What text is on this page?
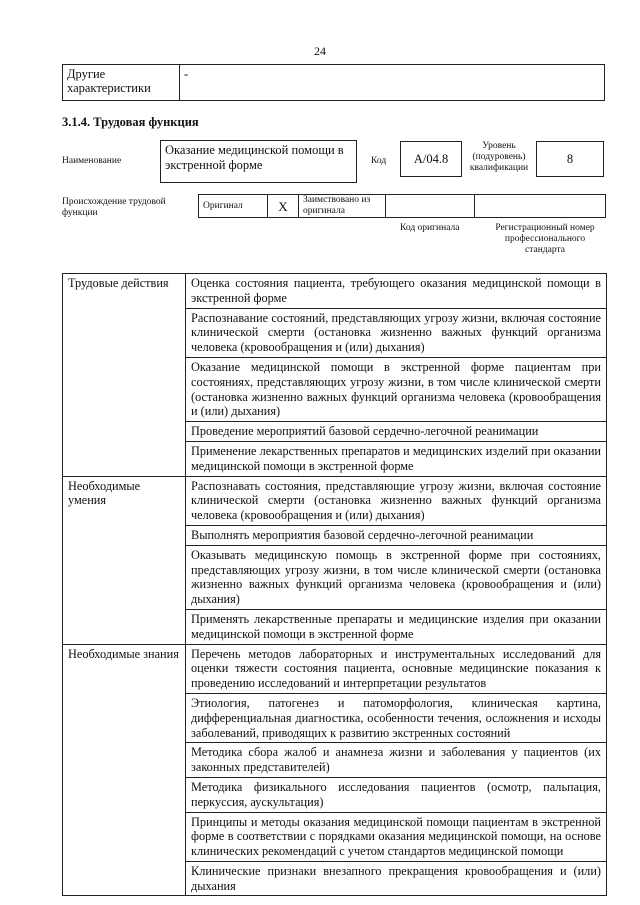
24
Другие характеристики	-
3.1.4. Трудовая функция
Наименование
Оказание медицинской помощи в экстренной форме	Код	А/04.8
Уровень (подуровень) квалификации
8
Происхождение трудовой функции
Оригинал	X	Заимствовано из оригинала		
Код оригинала	Регистрационный номер профессионального стандарта
Трудовые действия	Оценка состояния пациента, требующего оказания медицинской помощи в экстренной форме
	Распознавание состояний, представляющих угрозу жизни, включая состояние клинической смерти (остановка жизненно важных функций организма человека (кровообращения и (или) дыхания)
	Оказание медицинской помощи в экстренной форме пациентам при состояниях, представляющих угрозу жизни, в том числе клинической смерти (остановка жизненно важных функций организма человека (кровообращения и (или) дыхания)
	Проведение мероприятий базовой сердечно-легочной реанимации
	Применение лекарственных препаратов и медицинских изделий при оказании медицинской помощи в экстренной форме
Необходимые умения	Распознавать состояния, представляющие угрозу жизни, включая состояние клинической смерти (остановка жизненно важных функций организма человека (кровообращения и (или) дыхания)
	Выполнять мероприятия базовой сердечно-легочной реанимации
	Оказывать медицинскую помощь в экстренной форме при состояниях, представляющих угрозу жизни, в том числе клинической смерти (остановка жизненно важных функций организма человека (кровообращения и (или) дыхания)
	Применять лекарственные препараты и медицинские изделия при оказании медицинской помощи в экстренной форме
Необходимые знания	Перечень методов лабораторных и инструментальных исследований для оценки тяжести состояния пациента, основные медицинские показания к проведению исследований и интерпретации результатов
	Этиология, патогенез и патоморфология, клиническая картина, дифференциальная диагностика, особенности течения, осложнения и исходы заболеваний, приводящих к развитию экстренных состояний
	Методика сбора жалоб и анамнеза жизни и заболевания у пациентов (их законных представителей)
	Методика физикального исследования пациентов (осмотр, пальпация, перкуссия, аускультация)
	Принципы и методы оказания медицинской помощи пациентам в экстренной форме в соответствии с порядками оказания медицинской помощи, на основе клинических рекомендаций с учетом стандартов медицинской помощи
	Клинические признаки внезапного прекращения кровообращения и (или) дыхания
